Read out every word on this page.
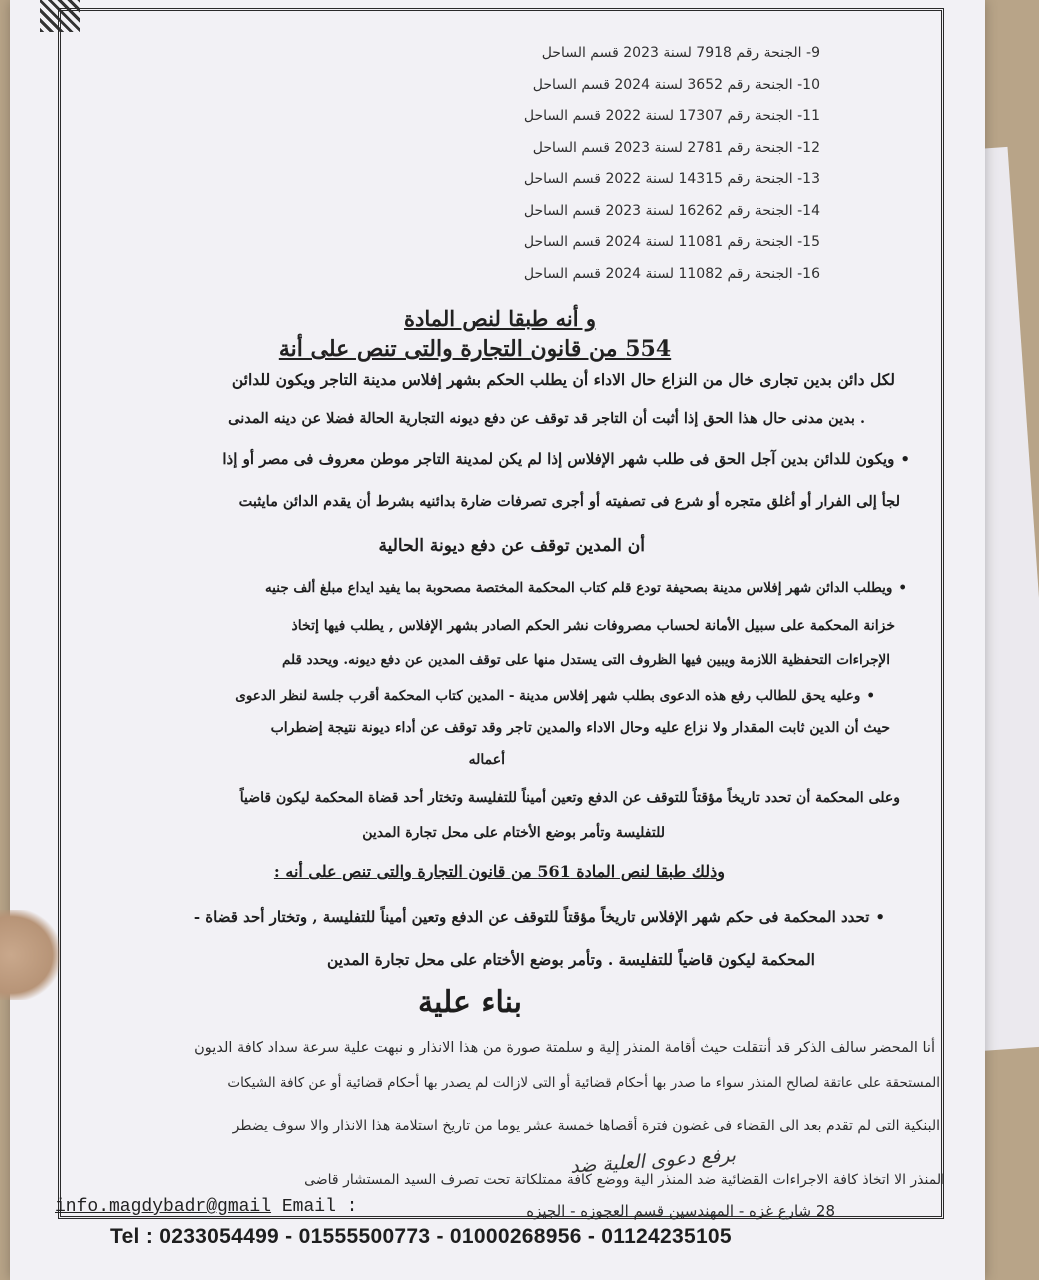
9- الجنحة رقم 7918 لسنة 2023 قسم الساحل
10- الجنحة رقم 3652 لسنة 2024 قسم الساحل
11- الجنحة رقم 17307 لسنة 2022 قسم الساحل
12- الجنحة رقم 2781 لسنة 2023 قسم الساحل
13- الجنحة رقم 14315 لسنة 2022 قسم الساحل
14- الجنحة رقم 16262 لسنة 2023 قسم الساحل
15- الجنحة رقم 11081 لسنة 2024 قسم الساحل
16- الجنحة رقم 11082 لسنة 2024 قسم الساحل
و أنه طبقا لنص المادة
554 من قانون التجارة والتى تنص على أنة
لكل دائن بدين تجارى خال من النزاع حال الاداء أن يطلب الحكم بشهر إفلاس مدينة التاجر ويكون للدائن
. بدين مدنى حال هذا الحق إذا أثبت أن التاجر قد توقف عن دفع ديونه التجارية الحالة فضلا عن دينه المدنى
• ويكون للدائن بدين آجل الحق فى طلب شهر الإفلاس إذا لم يكن لمدينة التاجر موطن معروف فى مصر أو إذا
لجأ إلى الفرار أو أغلق متجره أو شرع فى تصفيته أو أجرى تصرفات ضارة بدائنيه بشرط أن يقدم الدائن مايثبت
أن المدين توقف عن دفع ديونة الحالية
• ويطلب الدائن شهر إفلاس مدينة بصحيفة تودع قلم كتاب المحكمة المختصة مصحوبة بما يفيد ايداع مبلغ ألف جنيه
خزانة المحكمة على سبيل الأمانة لحساب مصروفات نشر الحكم الصادر بشهر الإفلاس , يطلب فيها إتخاذ
الإجراءات التحفظية اللازمة ويبين فيها الظروف التى يستدل منها على توقف المدين عن دفع ديونه. ويحدد قلم
• وعليه يحق للطالب رفع هذه الدعوى بطلب شهر إفلاس مدينة - المدين كتاب المحكمة أقرب جلسة لنظر الدعوى
حيث أن الدين ثابت المقدار ولا نزاع عليه وحال الاداء والمدين تاجر وقد توقف عن أداء ديونة نتيجة إضطراب
أعماله
وعلى المحكمة أن تحدد تاريخاً مؤقتاً للتوقف عن الدفع وتعين أميناً للتفليسة وتختار أحد قضاة المحكمة ليكون قاضياً
للتفليسة وتأمر بوضع الأختام على محل تجارة المدين
وذلك طبقا لنص المادة 561 من قانون التجارة والتى تنص على أنه :
• تحدد المحكمة فى حكم شهر الإفلاس تاريخاً مؤقتاً للتوقف عن الدفع وتعين أميناً للتفليسة , وتختار أحد قضاة -
المحكمة ليكون قاضياً للتفليسة . وتأمر بوضع الأختام على محل تجارة المدين
بناء علية
أنا المحضر سالف الذكر قد أنتقلت حيث أقامة المنذر إلية و سلمتة صورة من هذا الانذار و نبهت علية سرعة سداد كافة الديون
المستحقة على عاتقة لصالح المنذر سواء ما صدر بها أحكام قضائية أو التى لازالت لم يصدر بها أحكام قضائية أو عن كافة الشيكات
البنكية التى لم تقدم بعد الى القضاء فى غضون فترة أقصاها خمسة عشر يوما من تاريخ استلامة هذا الانذار والا سوف يضطر
المنذر الا اتخاذ كافة الاجراءات القضائية ضد المنذر الية ووضع كافة ممتلكاتة تحت تصرف السيد المستشار قاضى
برفع دعوى العلية ضد
info.magdybadr@gmail Email :	28 شارع غزه - المهندسين قسم العجوزه - الجيزه
Tel : 0233054499 - 01555500773 - 01000268956 - 01124235105
